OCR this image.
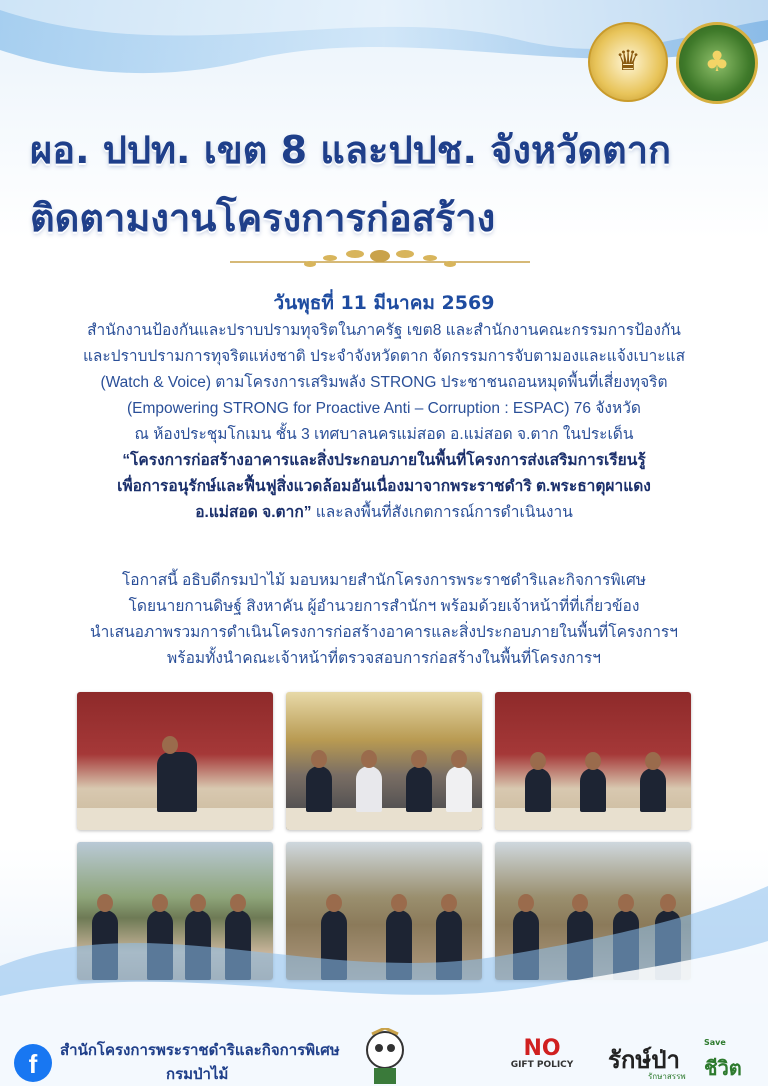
♛	♣
ผอ. ปปท. เขต 8 และปปช. จังหวัดตาก
ติดตามงานโครงการก่อสร้าง
วันพุธที่ 11 มีนาคม 2569
สำนักงานป้องกันและปราบปรามทุจริตในภาครัฐ เขต8 และสำนักงานคณะกรรมการป้องกัน
และปราบปรามการทุจริตแห่งชาติ ประจำจังหวัดตาก จัดกรรมการจับตามองและแจ้งเบาะแส
(Watch & Voice) ตามโครงการเสริมพลัง STRONG ประชาชนถอนหมุดพื้นที่เสี่ยงทุจริต
(Empowering STRONG for Proactive Anti – Corruption : ESPAC) 76 จังหวัด
ณ ห้องประชุมโกเมน ชั้น 3 เทศบาลนครแม่สอด อ.แม่สอด จ.ตาก ในประเด็น
“โครงการก่อสร้างอาคารและสิ่งประกอบภายในพื้นที่โครงการส่งเสริมการเรียนรู้
เพื่อการอนุรักษ์และฟื้นฟูสิ่งแวดล้อมอันเนื่องมาจากพระราชดำริ ต.พระธาตุผาแดง
อ.แม่สอด จ.ตาก” และลงพื้นที่สังเกตการณ์การดำเนินงาน
โอกาสนี้ อธิบดีกรมป่าไม้ มอบหมายสำนักโครงการพระราชดำริและกิจการพิเศษ
โดยนายกานดิษฐ์ สิงหาคัน ผู้อำนวยการสำนักฯ พร้อมด้วยเจ้าหน้าที่ที่เกี่ยวข้อง
นำเสนอภาพรวมการดำเนินโครงการก่อสร้างอาคารและสิ่งประกอบภายในพื้นที่โครงการฯ
พร้อมทั้งนำคณะเจ้าหน้าที่ตรวจสอบการก่อสร้างในพื้นที่โครงการฯ
f	สำนักโครงการพระราชดำริและกิจการพิเศษ
กรมป่าไม้
NO
GIFT POLICY รักษ์ป่า
Save
ชีวิต
รักษาสรรพ
